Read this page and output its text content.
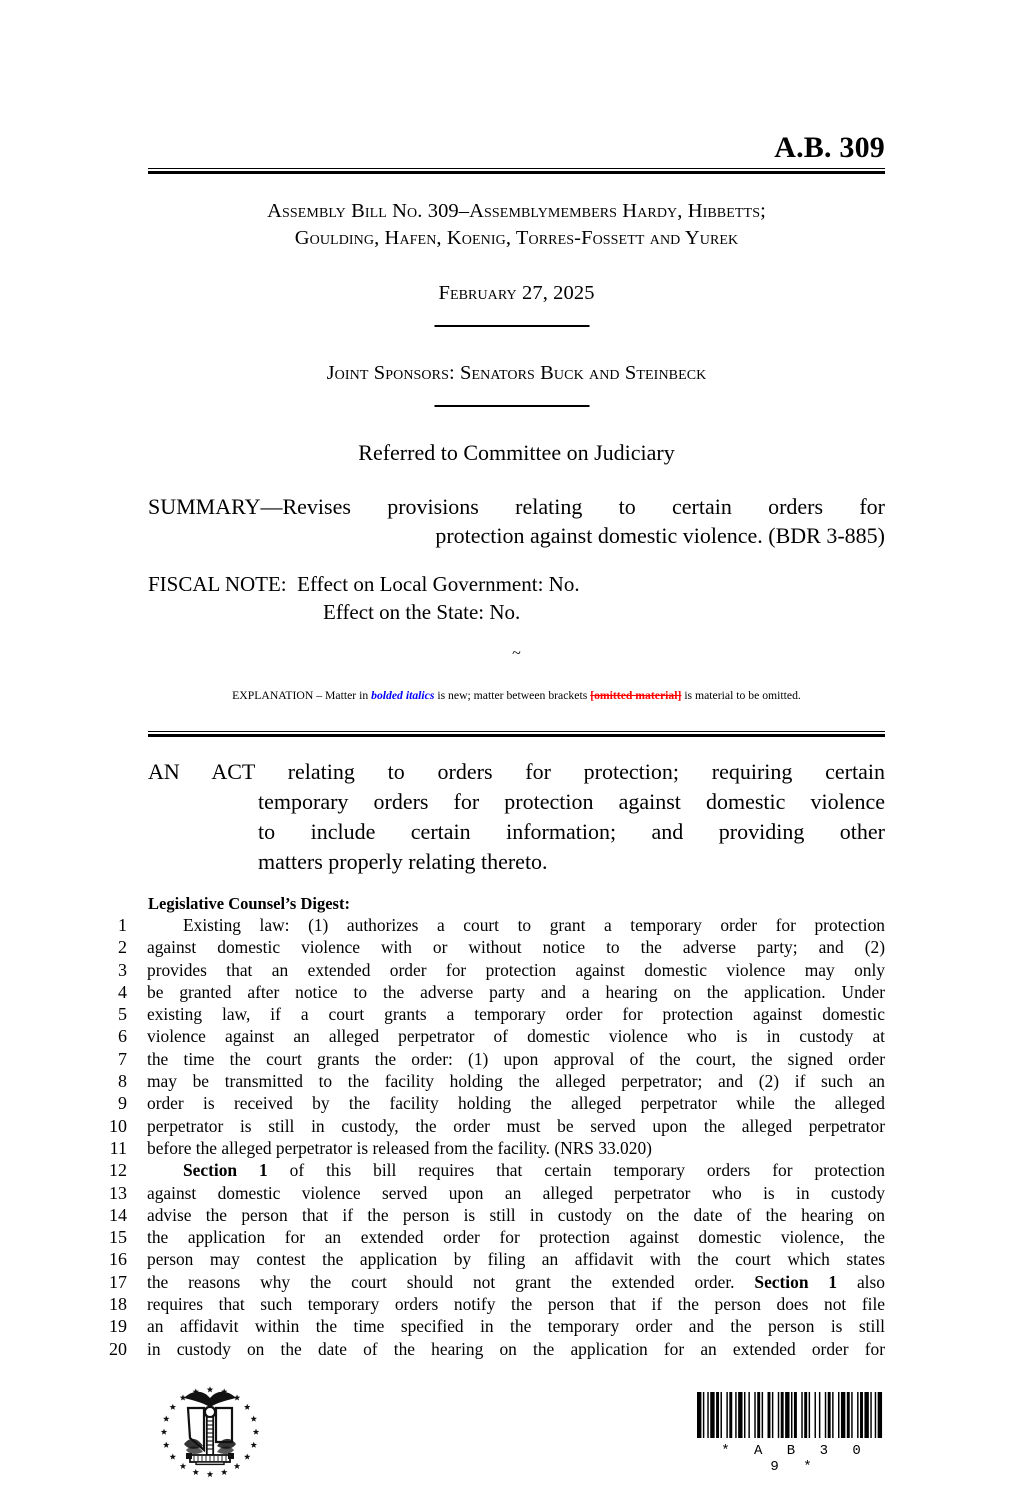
A.B. 309
Assembly Bill No. 309–Assemblymembers Hardy, Hibbetts;
Goulding, Hafen, Koenig, Torres-Fossett and Yurek
February 27, 2025
Joint Sponsors: Senators Buck and Steinbeck
Referred to Committee on Judiciary
SUMMARY—Revises provisions relating to certain orders for
protection against domestic violence. (BDR 3-885)
FISCAL NOTE: Effect on Local Government: No.
Effect on the State: No.
~
EXPLANATION – Matter in bolded italics is new; matter between brackets [omitted material] is material to be omitted.
AN ACT relating to orders for protection; requiring certain
temporary orders for protection against domestic violence
to include certain information; and providing other
matters properly relating thereto.
Legislative Counsel’s Digest:
1	Existing law: (1) authorizes a court to grant a temporary order for protection
2	against domestic violence with or without notice to the adverse party; and (2)
3	provides that an extended order for protection against domestic violence may only
4	be granted after notice to the adverse party and a hearing on the application. Under
5	existing law, if a court grants a temporary order for protection against domestic
6	violence against an alleged perpetrator of domestic violence who is in custody at
7	the time the court grants the order: (1) upon approval of the court, the signed order
8	may be transmitted to the facility holding the alleged perpetrator; and (2) if such an
9	order is received by the facility holding the alleged perpetrator while the alleged
10	perpetrator is still in custody, the order must be served upon the alleged perpetrator
11	before the alleged perpetrator is released from the facility. (NRS 33.020)
12	Section 1 of this bill requires that certain temporary orders for protection
13	against domestic violence served upon an alleged perpetrator who is in custody
14	advise the person that if the person is still in custody on the date of the hearing on
15	the application for an extended order for protection against domestic violence, the
16	person may contest the application by filing an affidavit with the court which states
17	the reasons why the court should not grant the extended order. Section 1 also
18	requires that such temporary orders notify the person that if the person does not file
19	an affidavit within the time specified in the temporary order and the person is still
20	in custody on the date of the hearing on the application for an extended order for
* A B 3 0 9 *
